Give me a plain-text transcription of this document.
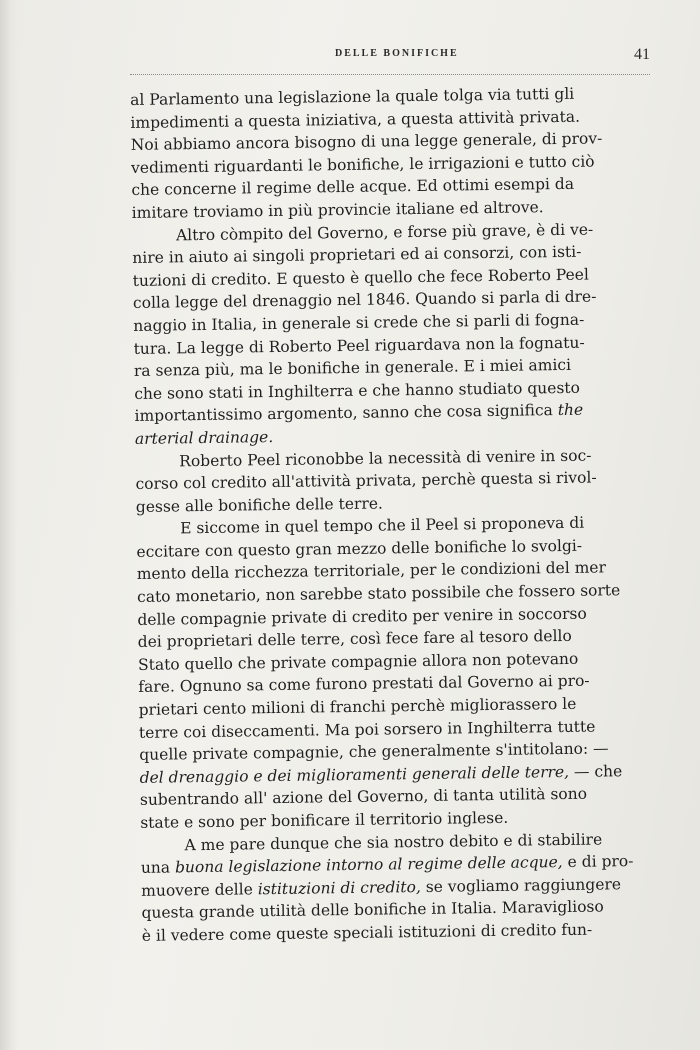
DELLE BONIFICHE	41

al Parlamento una legislazione la quale tolga via tutti gli
impedimenti a questa iniziativa, a questa attività privata.
Noi abbiamo ancora bisogno di una legge generale, di prov-
vedimenti riguardanti le bonifiche, le irrigazioni e tutto ciò
che concerne il regime delle acque. Ed ottimi esempi da
imitare troviamo in più provincie italiane ed altrove.

Altro còmpito del Governo, e forse più grave, è di ve-
nire in aiuto ai singoli proprietari ed ai consorzi, con isti-
tuzioni di credito. E questo è quello che fece Roberto Peel
colla legge del drenaggio nel 1846. Quando si parla di dre-
naggio in Italia, in generale si crede che si parli di fogna-
tura. La legge di Roberto Peel riguardava non la fognatu-
ra senza più, ma le bonifiche in generale. E i miei amici
che sono stati in Inghilterra e che hanno studiato questo
importantissimo argomento, sanno che cosa significa the
arterial drainage.

Roberto Peel riconobbe la necessità di venire in soc-
corso col credito all'attività privata, perchè questa si rivol-
gesse alle bonifiche delle terre.

E siccome in quel tempo che il Peel si proponeva di
eccitare con questo gran mezzo delle bonifiche lo svolgi-
mento della ricchezza territoriale, per le condizioni del mer
cato monetario, non sarebbe stato possibile che fossero sorte
delle compagnie private di credito per venire in soccorso
dei proprietari delle terre, così fece fare al tesoro dello
Stato quello che private compagnie allora non potevano
fare. Ognuno sa come furono prestati dal Governo ai pro-
prietari cento milioni di franchi perchè migliorassero le
terre coi diseccamenti. Ma poi sorsero in Inghilterra tutte
quelle private compagnie, che generalmente s'intitolano: —
del drenaggio e dei miglioramenti generali delle terre, — che
subentrando all' azione del Governo, di tanta utilità sono
state e sono per bonificare il territorio inglese.

A me pare dunque che sia nostro debito e di stabilire
una buona legislazione intorno al regime delle acque, e di pro-
muovere delle istituzioni di credito, se vogliamo raggiungere
questa grande utilità delle bonifiche in Italia. Maraviglioso
è il vedere come queste speciali istituzioni di credito fun-
